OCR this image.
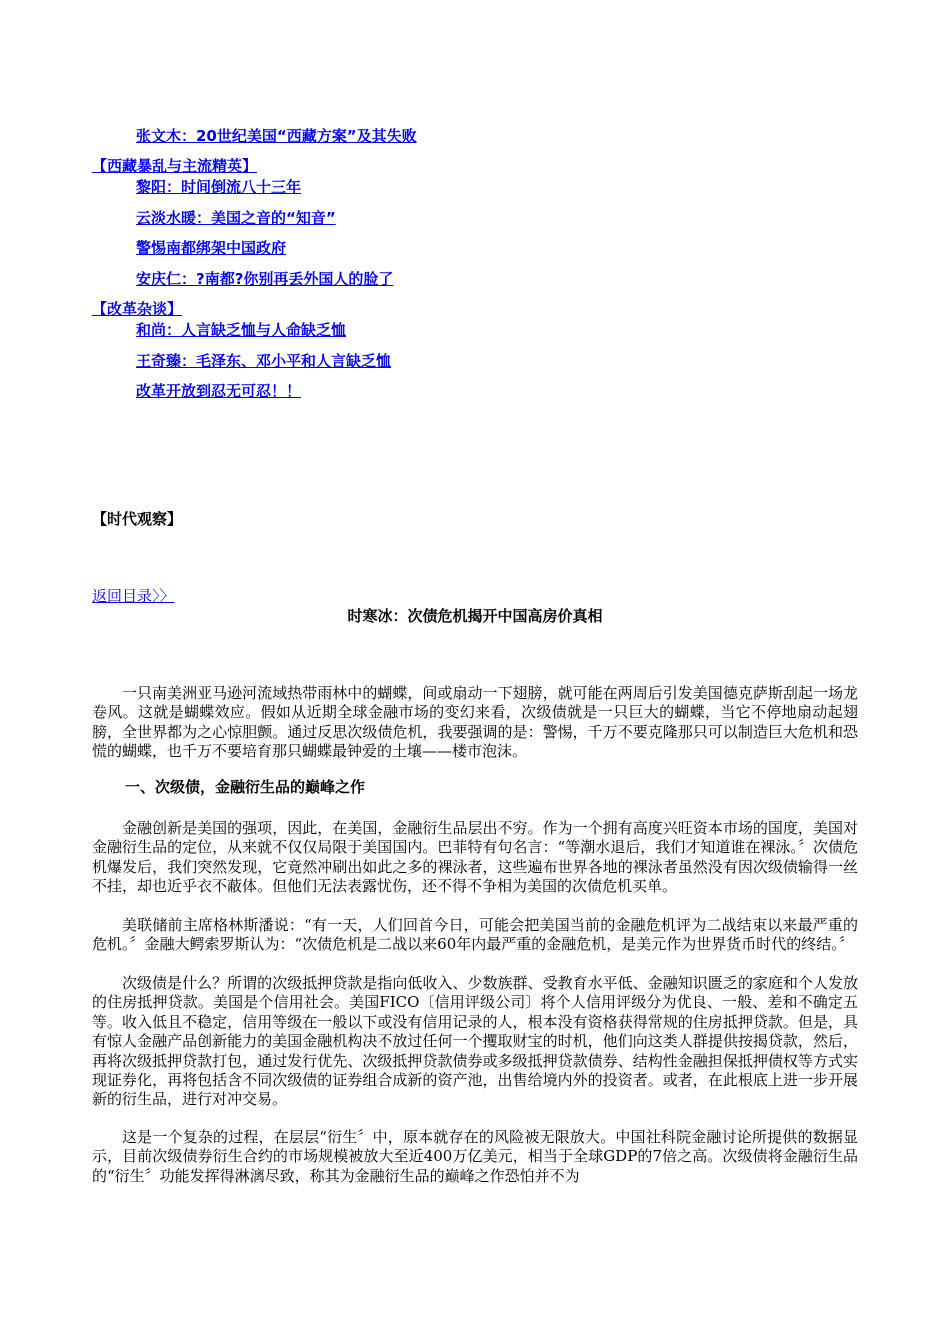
张文木：20世纪美国“西藏方案”及其失败
【西藏暴乱与主流精英】
黎阳：时间倒流八十三年
云淡水暖：美国之音的“知音”
警惕南都绑架中国政府
安庆仁：?南都?你别再丢外国人的脸了
【改革杂谈】
和尚：人言缺乏恤与人命缺乏恤
王奇臻：毛泽东、邓小平和人言缺乏恤
改革开放到忍无可忍！！
【时代观察】
返回目录〉〉
时寒冰：次债危机揭开中国高房价真相

一只南美洲亚马逊河流域热带雨林中的蝴蝶，间或扇动一下翅膀，就可能在两周后引发美国德克萨斯刮起一场龙卷风。这就是蝴蝶效应。假如从近期全球金融市场的变幻来看，次级债就是一只巨大的蝴蝶，当它不停地扇动起翅膀，全世界都为之心惊胆颤。通过反思次级债危机，我要强调的是：警惕，千万不要克隆那只可以制造巨大危机和恐慌的蝴蝶，也千万不要培育那只蝴蝶最钟爱的土壤——楼市泡沫。

一、次级债，金融衍生品的巅峰之作

金融创新是美国的强项，因此，在美国，金融衍生品层出不穷。作为一个拥有高度兴旺资本市场的国度，美国对金融衍生品的定位，从来就不仅仅局限于美国国内。巴菲特有句名言：“等潮水退后，我们才知道谁在裸泳。〞次债危机爆发后，我们突然发现，它竟然冲刷出如此之多的裸泳者，这些遍布世界各地的裸泳者虽然没有因次级债输得一丝不挂，却也近乎衣不蔽体。但他们无法表露忧伤，还不得不争相为美国的次债危机买单。

美联储前主席格林斯潘说：“有一天，人们回首今日，可能会把美国当前的金融危机评为二战结束以来最严重的危机。〞金融大鳄索罗斯认为：“次债危机是二战以来60年内最严重的金融危机，是美元作为世界货币时代的终结。〞

次级债是什么？所谓的次级抵押贷款是指向低收入、少数族群、受教育水平低、金融知识匮乏的家庭和个人发放的住房抵押贷款。美国是个信用社会。美国FICO〔信用评级公司〕将个人信用评级分为优良、一般、差和不确定五等。收入低且不稳定，信用等级在一般以下或没有信用记录的人，根本没有资格获得常规的住房抵押贷款。但是，具有惊人金融产品创新能力的美国金融机构决不放过任何一个攫取财宝的时机，他们向这类人群提供按揭贷款，然后，再将次级抵押贷款打包，通过发行优先、次级抵押贷款债券或多级抵押贷款债券、结构性金融担保抵押债权等方式实现证券化，再将包括含不同次级债的证券组合成新的资产池，出售给境内外的投资者。或者，在此根底上进一步开展新的衍生品，进行对冲交易。

这是一个复杂的过程，在层层“衍生〞中，原本就存在的风险被无限放大。中国社科院金融讨论所提供的数据显示，目前次级债券衍生合约的市场规模被放大至近400万亿美元，相当于全球GDP的7倍之高。次级债将金融衍生品的“衍生〞功能发挥得淋漓尽致，称其为金融衍生品的巅峰之作恐怕并不为
